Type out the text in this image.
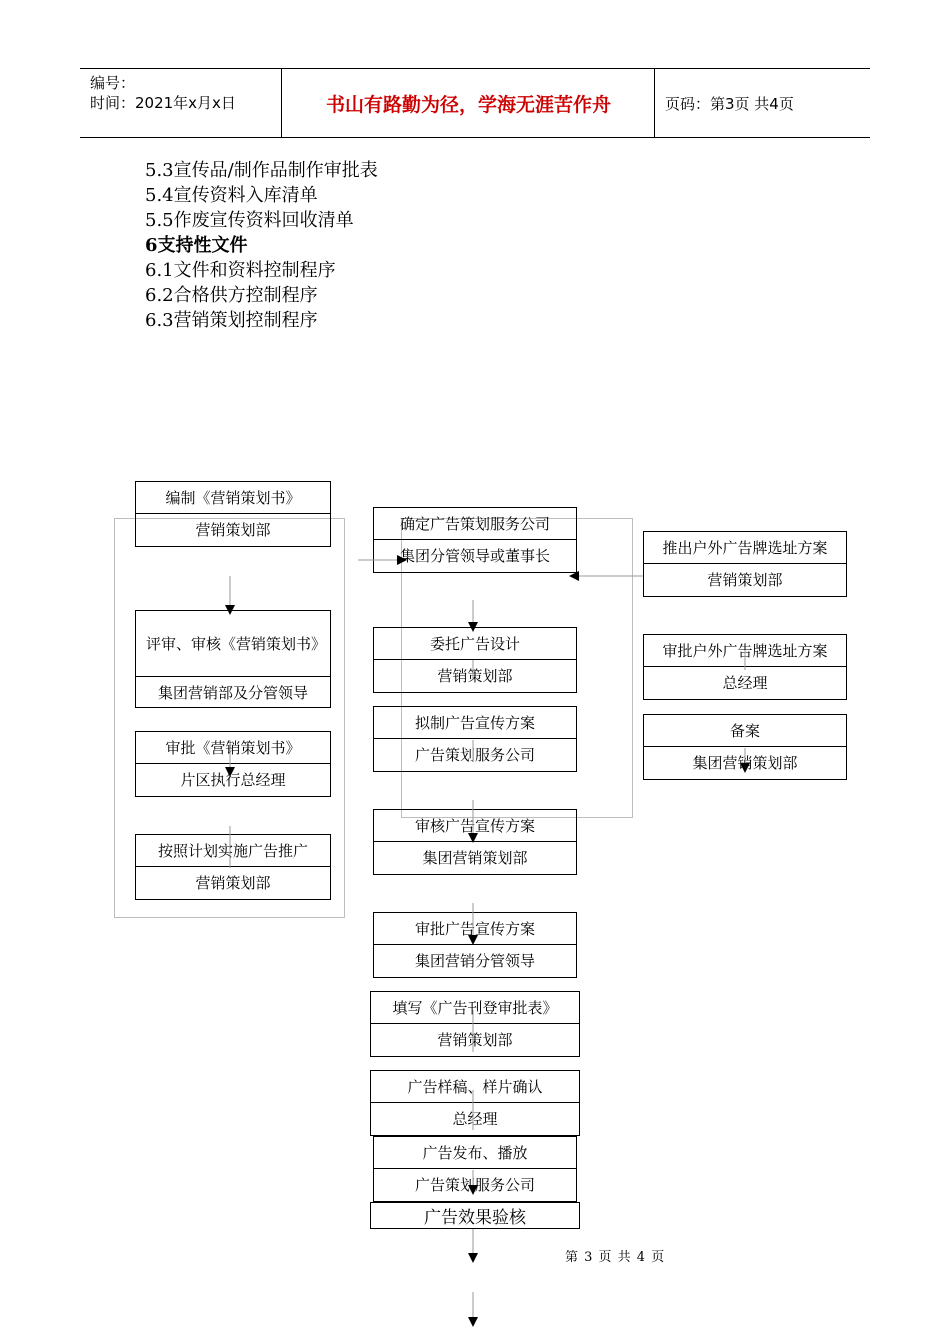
编号：
时间：2021年x月x日	书山有路勤为径，学海无涯苦作舟	页码：第3页 共4页
5.3宣传品/制作品制作审批表
5.4宣传资料入库清单
5.5作废宣传资料回收清单
6支持性文件
6.1文件和资料控制程序
6.2合格供方控制程序
6.3营销策划控制程序
编制《营销策划书》
营销策划部
评审、审核《营销策划书》
集团营销部及分管领导
审批《营销策划书》
片区执行总经理
按照计划实施广告推广
营销策划部
确定广告策划服务公司
集团分管领导或董事长
委托广告设计
营销策划部
拟制广告宣传方案
广告策划服务公司
审核广告宣传方案
集团营销策划部
审批广告宣传方案
集团营销分管领导
填写《广告刊登审批表》
营销策划部
广告样稿、样片确认
总经理
广告发布、播放
广告策划服务公司
广告效果验核
推出户外广告牌选址方案
营销策划部
审批户外广告牌选址方案
总经理
备案
集团营销策划部
第 3 页 共 4 页
